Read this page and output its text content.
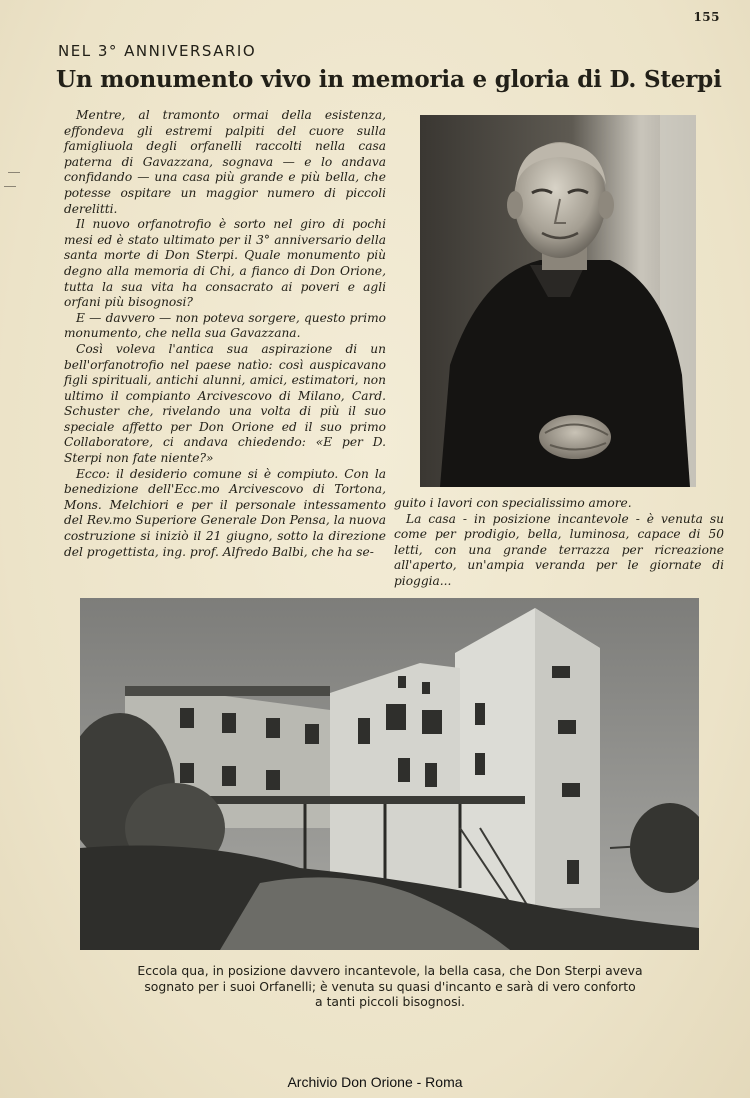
155
NEL 3° ANNIVERSARIO
Un monumento vivo in memoria e gloria di D. Sterpi

Mentre, al tramonto ormai della esistenza, effondeva gli estremi palpiti del cuore sulla famigliuola degli orfanelli raccolti nella casa paterna di Gavazzana, sognava — e lo andava confidando — una casa più grande e più bella, che potesse ospitare un maggior numero di piccoli derelitti.

Il nuovo orfanotrofio è sorto nel giro di pochi mesi ed è stato ultimato per il 3° anniversario della santa morte di Don Sterpi. Quale monumento più degno alla memoria di Chi, a fianco di Don Orione, tutta la sua vita ha consacrato ai poveri e agli orfani più bisognosi?

E — davvero — non poteva sorgere, questo primo monumento, che nella sua Gavazzana.

Così voleva l'antica sua aspirazione di un bell'orfanotrofio nel paese natìo: così auspicavano figli spirituali, antichi alunni, amici, estimatori, non ultimo il compianto Arcivescovo di Milano, Card. Schuster che, rivelando una volta di più il suo speciale affetto per Don Orione ed il suo primo Collaboratore, ci andava chiedendo: «E per D. Sterpi non fate niente?»

Ecco: il desiderio comune si è compiuto. Con la benedizione dell'Ecc.mo Arcivescovo di Tortona, Mons. Melchiori e per il personale intessamento del Rev.mo Superiore Generale Don Pensa, la nuova costruzione si iniziò il 21 giugno, sotto la direzione del progettista, ing. prof. Alfredo Balbi, che ha se-

guito i lavori con specialissimo amore.

La casa - in posizione incantevole - è venuta su come per prodigio, bella, luminosa, capace di 50 letti, con una grande terrazza per ricreazione all'aperto, un'ampia veranda per le giornate di pioggia...

Eccola qua, in posizione davvero incantevole, la bella casa, che Don Sterpi aveva
sognato per i suoi Orfanelli; è venuta su quasi d'incanto e sarà di vero conforto
a tanti piccoli bisognosi.
Archivio Don Orione - Roma
